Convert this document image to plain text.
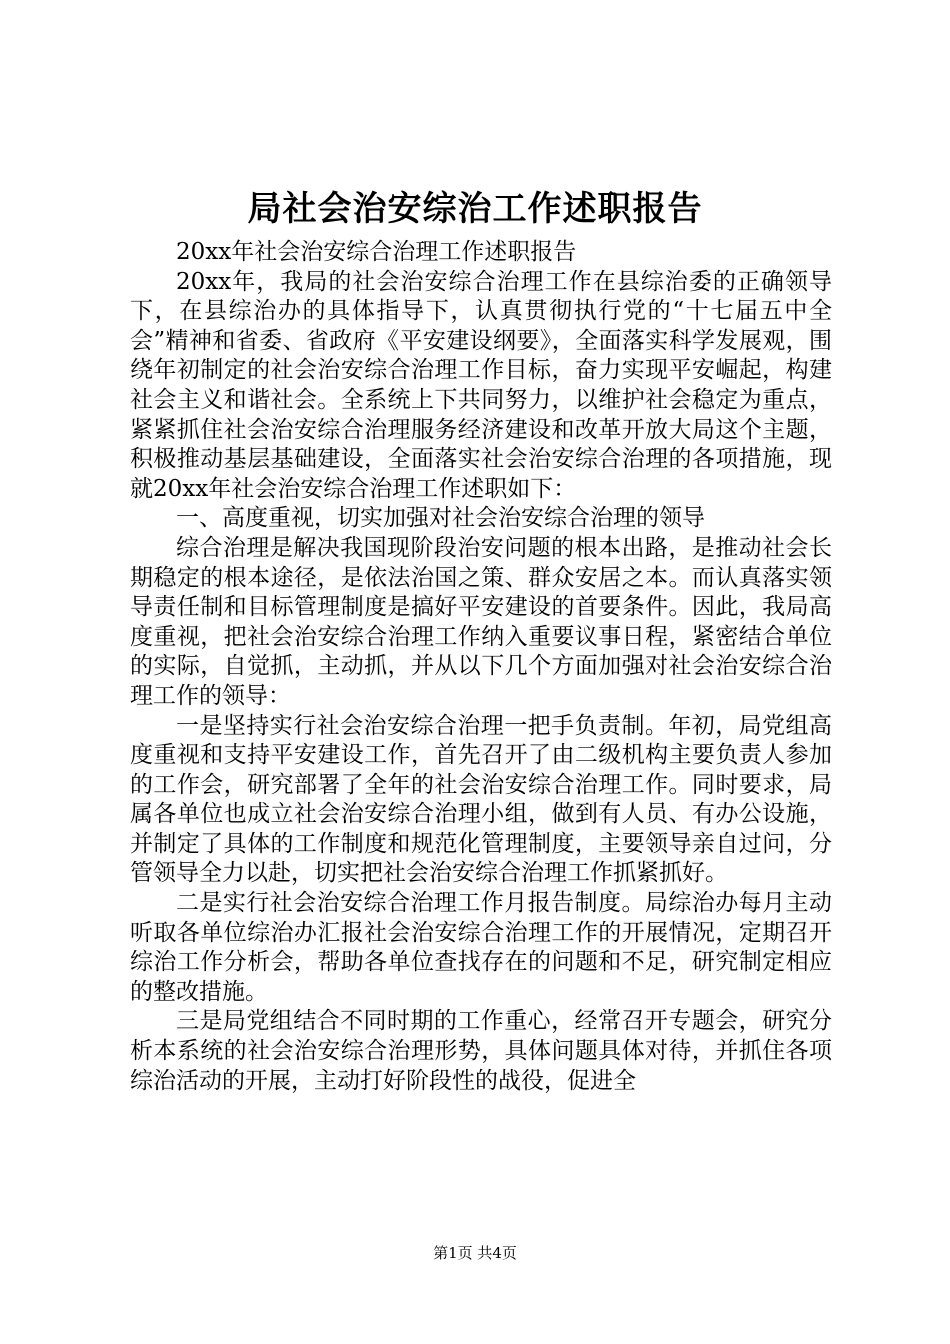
局社会治安综治工作述职报告

20xx年社会治安综合治理工作述职报告

20xx年，我局的社会治安综合治理工作在县综治委的正确领导下，在县综治办的具体指导下，认真贯彻执行党的“十七届五中全会”精神和省委、省政府《平安建设纲要》，全面落实科学发展观，围绕年初制定的社会治安综合治理工作目标，奋力实现平安崛起，构建社会主义和谐社会。全系统上下共同努力，以维护社会稳定为重点，紧紧抓住社会治安综合治理服务经济建设和改革开放大局这个主题，积极推动基层基础建设，全面落实社会治安综合治理的各项措施，现就20xx年社会治安综合治理工作述职如下：

一、高度重视，切实加强对社会治安综合治理的领导

综合治理是解决我国现阶段治安问题的根本出路，是推动社会长期稳定的根本途径，是依法治国之策、群众安居之本。而认真落实领导责任制和目标管理制度是搞好平安建设的首要条件。因此，我局高度重视，把社会治安综合治理工作纳入重要议事日程，紧密结合单位的实际，自觉抓，主动抓，并从以下几个方面加强对社会治安综合治理工作的领导：

一是坚持实行社会治安综合治理一把手负责制。年初，局党组高度重视和支持平安建设工作，首先召开了由二级机构主要负责人参加的工作会，研究部署了全年的社会治安综合治理工作。同时要求，局属各单位也成立社会治安综合治理小组，做到有人员、有办公设施，并制定了具体的工作制度和规范化管理制度，主要领导亲自过问，分管领导全力以赴，切实把社会治安综合治理工作抓紧抓好。

二是实行社会治安综合治理工作月报告制度。局综治办每月主动听取各单位综治办汇报社会治安综合治理工作的开展情况，定期召开综治工作分析会，帮助各单位查找存在的问题和不足，研究制定相应的整改措施。

三是局党组结合不同时期的工作重心，经常召开专题会，研究分析本系统的社会治安综合治理形势，具体问题具体对待，并抓住各项综治活动的开展，主动打好阶段性的战役，促进全

第1页 共4页
